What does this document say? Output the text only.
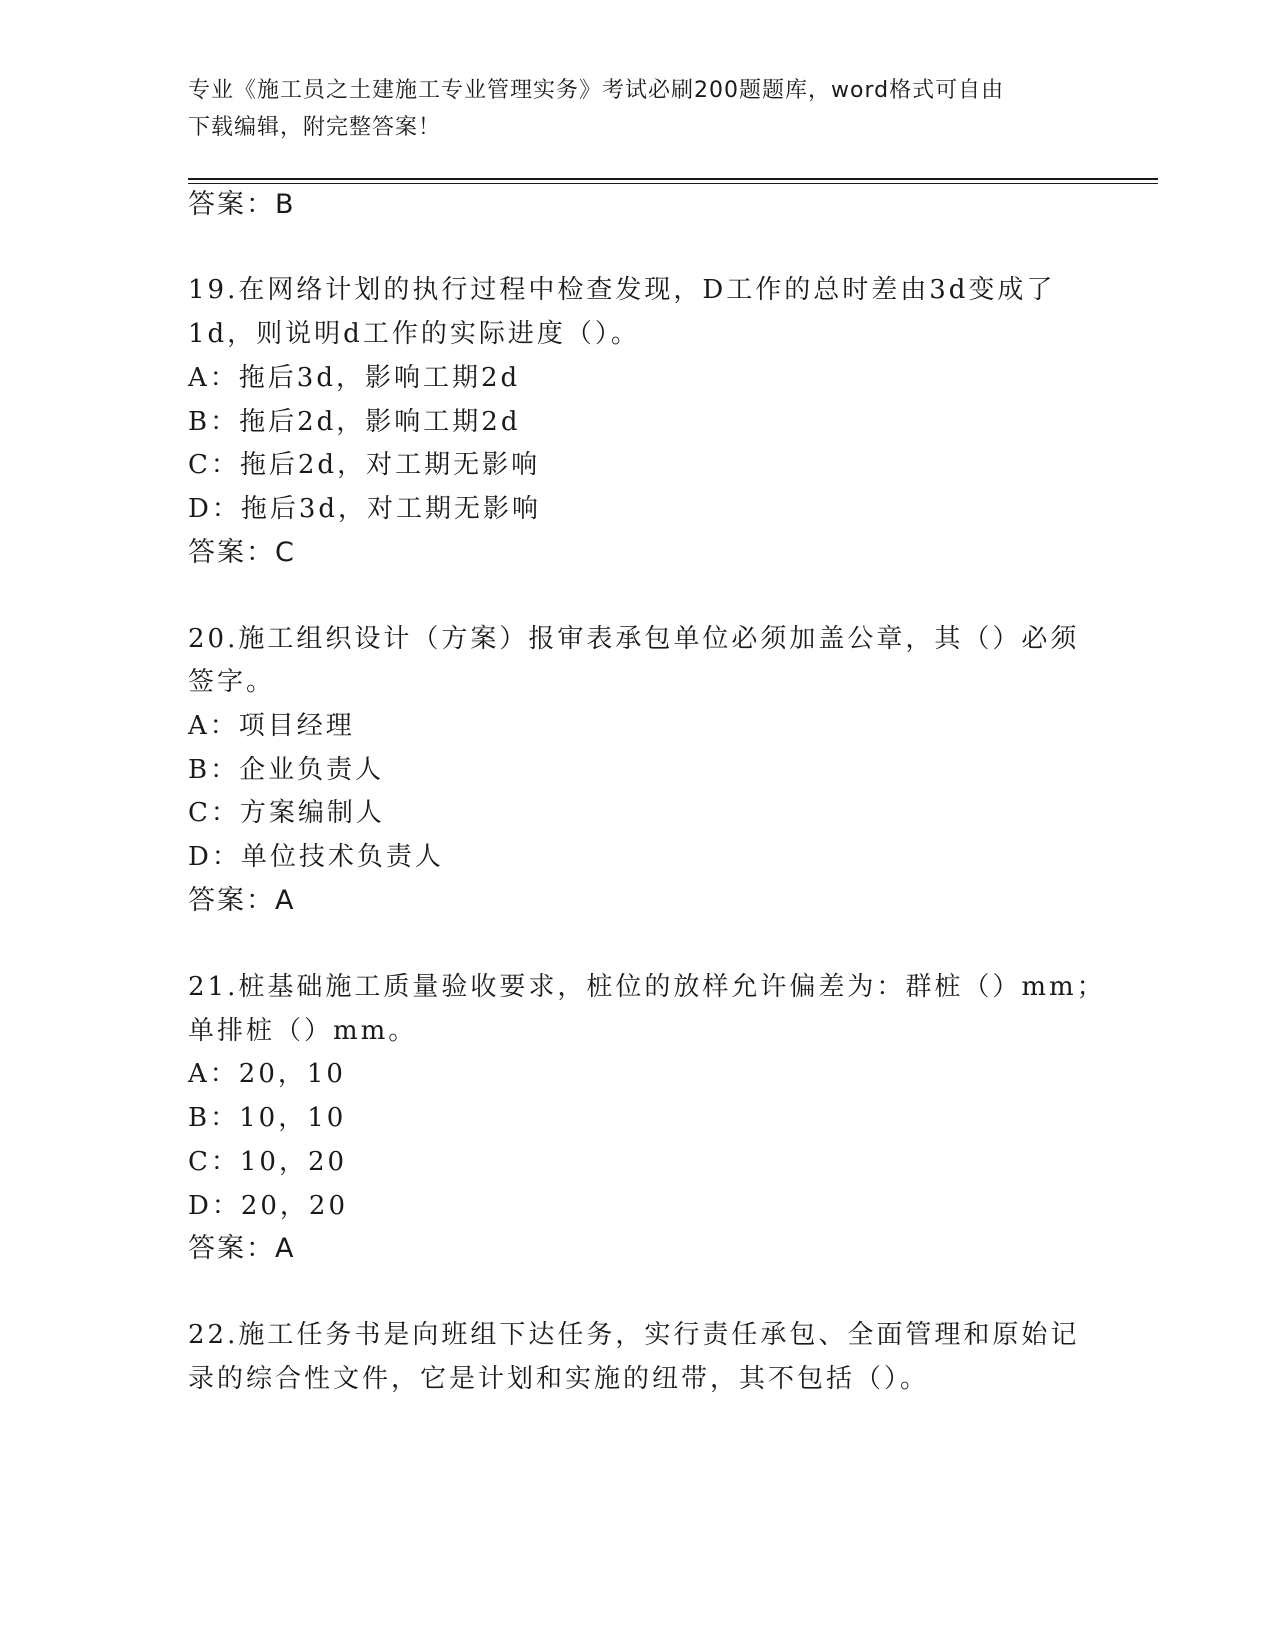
专业《施工员之土建施工专业管理实务》考试必刷200题题库，word格式可自由
下载编辑，附完整答案！
答案：B
19.在网络计划的执行过程中检查发现，D工作的总时差由3d变成了
1d，则说明d工作的实际进度（）。
A：拖后3d，影响工期2d
B：拖后2d，影响工期2d
C：拖后2d，对工期无影响
D：拖后3d，对工期无影响
答案：C
20.施工组织设计（方案）报审表承包单位必须加盖公章，其（）必须
签字。
A：项目经理
B：企业负责人
C：方案编制人
D：单位技术负责人
答案：A
21.桩基础施工质量验收要求，桩位的放样允许偏差为：群桩（）mm；
单排桩（）mm。
A：20，10
B：10，10
C：10，20
D：20，20
答案：A
22.施工任务书是向班组下达任务，实行责任承包、全面管理和原始记
录的综合性文件，它是计划和实施的纽带，其不包括（）。
